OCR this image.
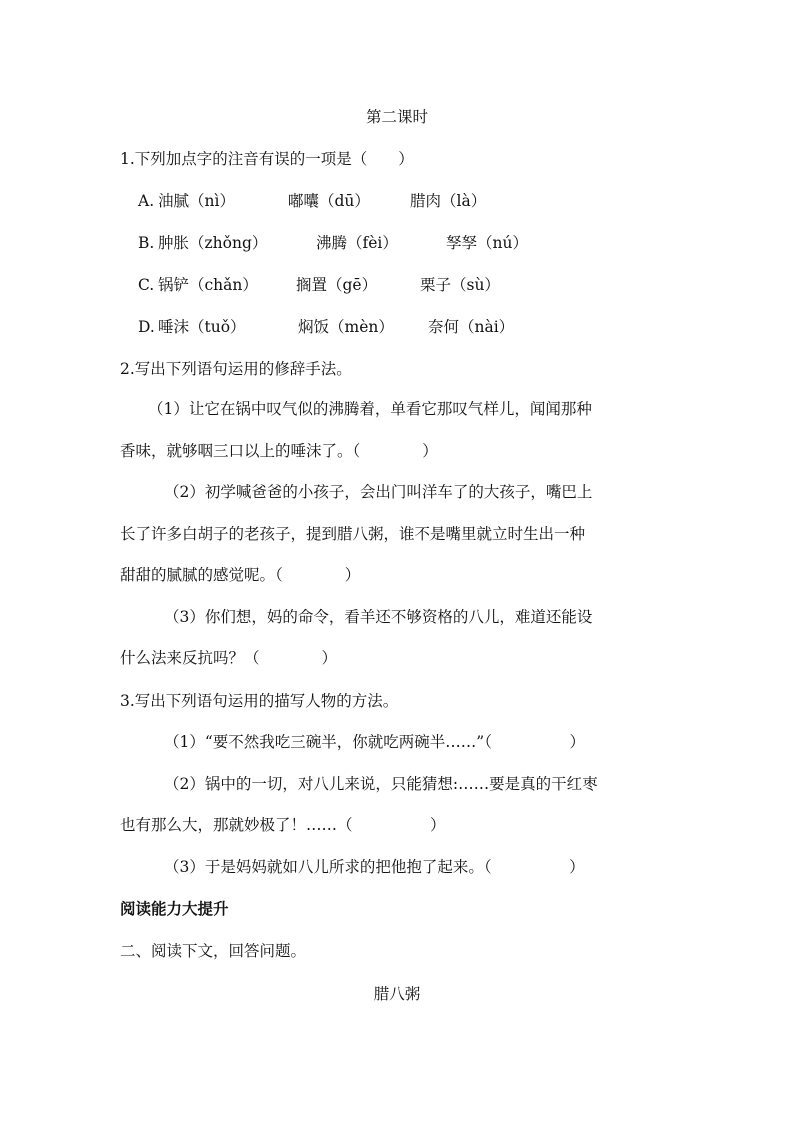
第二课时
1.下列加点字的注音有误的一项是（　　）
A. 油腻（nì）	嘟囔（dū）	腊肉（là）
B. 肿胀（zhǒng）	沸腾（fèi）	孥孥（nú）
C. 锅铲（chǎn） 搁置（gē）	栗子（sù）
D. 唾沫（tuǒ）	焖饭（mèn） 奈何（nài）
2.写出下列语句运用的修辞手法。
（1）让它在锅中叹气似的沸腾着，单看它那叹气样儿，闻闻那种
香味，就够咽三口以上的唾沫了。（　　　　）
（2）初学喊爸爸的小孩子，会出门叫洋车了的大孩子，嘴巴上
长了许多白胡子的老孩子，提到腊八粥，谁不是嘴里就立时生出一种
甜甜的腻腻的感觉呢。（　　　　）
（3）你们想，妈的命令，看羊还不够资格的八儿，难道还能设
什么法来反抗吗？（　　　　）
3.写出下列语句运用的描写人物的方法。
（1）“要不然我吃三碗半，你就吃两碗半……”（　　　　　）
（2）锅中的一切，对八儿来说，只能猜想:……要是真的干红枣
也有那么大，那就妙极了！……（　　　　　）
（3）于是妈妈就如八儿所求的把他抱了起来。（　　　　　）
阅读能力大提升
二、阅读下文，回答问题。
腊八粥
